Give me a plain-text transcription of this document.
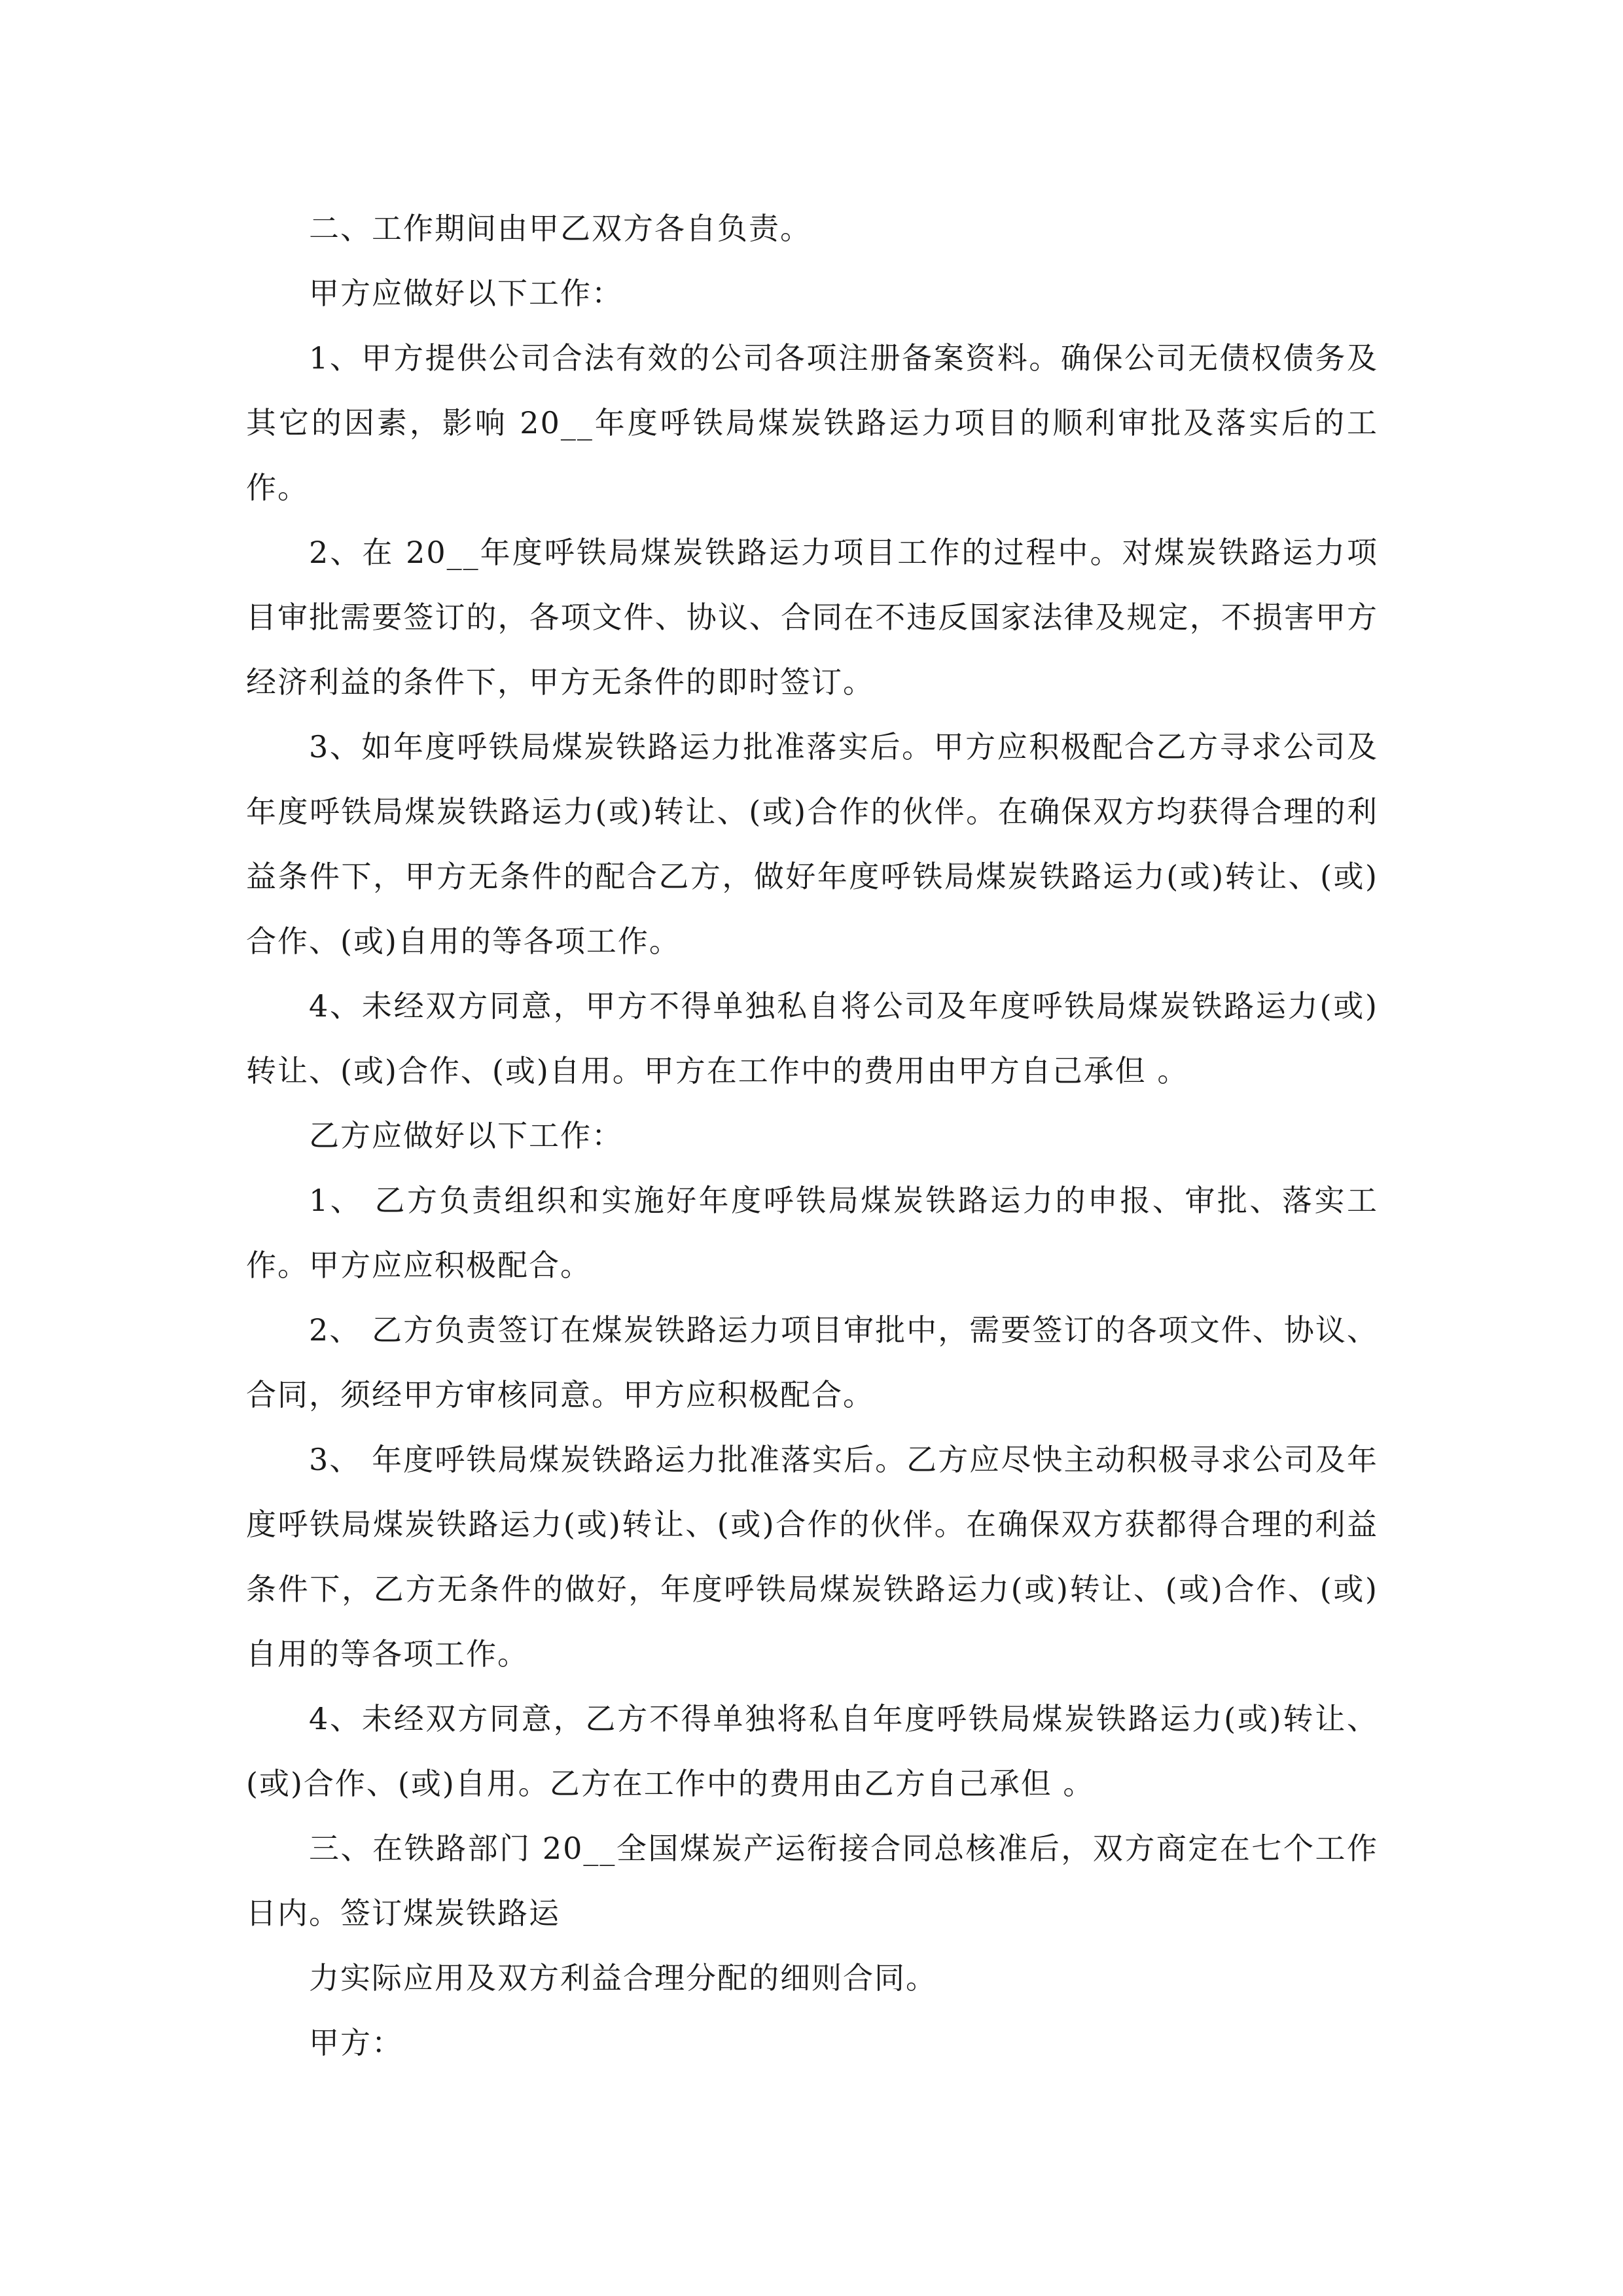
二、工作期间由甲乙双方各自负责。

甲方应做好以下工作：

1、甲方提供公司合法有效的公司各项注册备案资料。确保公司无债权债务及其它的因素，影响 20__年度呼铁局煤炭铁路运力项目的顺利审批及落实后的工作。

2、在 20__年度呼铁局煤炭铁路运力项目工作的过程中。对煤炭铁路运力项目审批需要签订的，各项文件、协议、合同在不违反国家法律及规定，不损害甲方经济利益的条件下，甲方无条件的即时签订。

3、如年度呼铁局煤炭铁路运力批准落实后。甲方应积极配合乙方寻求公司及年度呼铁局煤炭铁路运力(或)转让、(或)合作的伙伴。在确保双方均获得合理的利益条件下，甲方无条件的配合乙方，做好年度呼铁局煤炭铁路运力(或)转让、(或)合作、(或)自用的等各项工作。

4、未经双方同意，甲方不得单独私自将公司及年度呼铁局煤炭铁路运力(或)转让、(或)合作、(或)自用。甲方在工作中的费用由甲方自己承但 。

乙方应做好以下工作：

1、 乙方负责组织和实施好年度呼铁局煤炭铁路运力的申报、审批、落实工作。甲方应应积极配合。

2、 乙方负责签订在煤炭铁路运力项目审批中，需要签订的各项文件、协议、合同，须经甲方审核同意。甲方应积极配合。

3、 年度呼铁局煤炭铁路运力批准落实后。乙方应尽快主动积极寻求公司及年度呼铁局煤炭铁路运力(或)转让、(或)合作的伙伴。在确保双方获都得合理的利益条件下，乙方无条件的做好，年度呼铁局煤炭铁路运力(或)转让、(或)合作、(或)自用的等各项工作。

4、未经双方同意，乙方不得单独将私自年度呼铁局煤炭铁路运力(或)转让、(或)合作、(或)自用。乙方在工作中的费用由乙方自己承但 。

三、在铁路部门 20__全国煤炭产运衔接合同总核准后，双方商定在七个工作日内。签订煤炭铁路运

力实际应用及双方利益合理分配的细则合同。

甲方：
